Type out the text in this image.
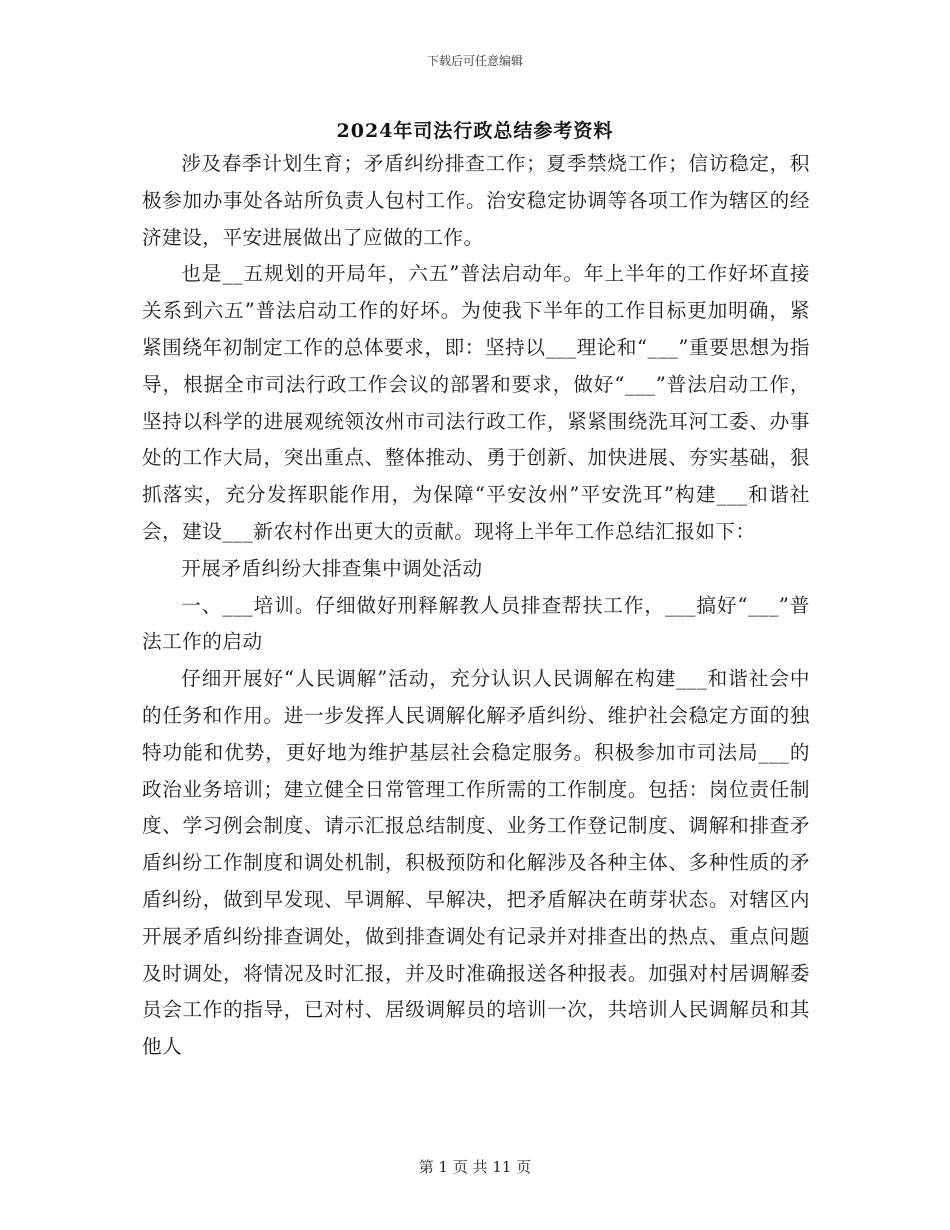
下载后可任意编辑
2024年司法行政总结参考资料

涉及春季计划生育；矛盾纠纷排查工作；夏季禁烧工作；信访稳定，积极参加办事处各站所负责人包村工作。治安稳定协调等各项工作为辖区的经济建设，平安进展做出了应做的工作。

也是__五规划的开局年，六五”普法启动年。年上半年的工作好坏直接关系到六五”普法启动工作的好坏。为使我下半年的工作目标更加明确，紧紧围绕年初制定工作的总体要求，即：坚持以___理论和“___”重要思想为指导，根据全市司法行政工作会议的部署和要求，做好“___”普法启动工作，坚持以科学的进展观统领汝州市司法行政工作，紧紧围绕洗耳河工委、办事处的工作大局，突出重点、整体推动、勇于创新、加快进展、夯实基础，狠抓落实，充分发挥职能作用，为保障“平安汝州”平安洗耳”构建___和谐社会，建设___新农村作出更大的贡献。现将上半年工作总结汇报如下：

开展矛盾纠纷大排查集中调处活动

一、___培训。仔细做好刑释解教人员排查帮扶工作，___搞好“___”普法工作的启动

仔细开展好“人民调解”活动，充分认识人民调解在构建___和谐社会中的任务和作用。进一步发挥人民调解化解矛盾纠纷、维护社会稳定方面的独特功能和优势，更好地为维护基层社会稳定服务。积极参加市司法局___的政治业务培训；建立健全日常管理工作所需的工作制度。包括：岗位责任制度、学习例会制度、请示汇报总结制度、业务工作登记制度、调解和排查矛盾纠纷工作制度和调处机制，积极预防和化解涉及各种主体、多种性质的矛盾纠纷，做到早发现、早调解、早解决，把矛盾解决在萌芽状态。对辖区内开展矛盾纠纷排查调处，做到排查调处有记录并对排查出的热点、重点问题及时调处，将情况及时汇报，并及时准确报送各种报表。加强对村居调解委员会工作的指导，已对村、居级调解员的培训一次，共培训人民调解员和其他人

第 1 页 共 11 页
